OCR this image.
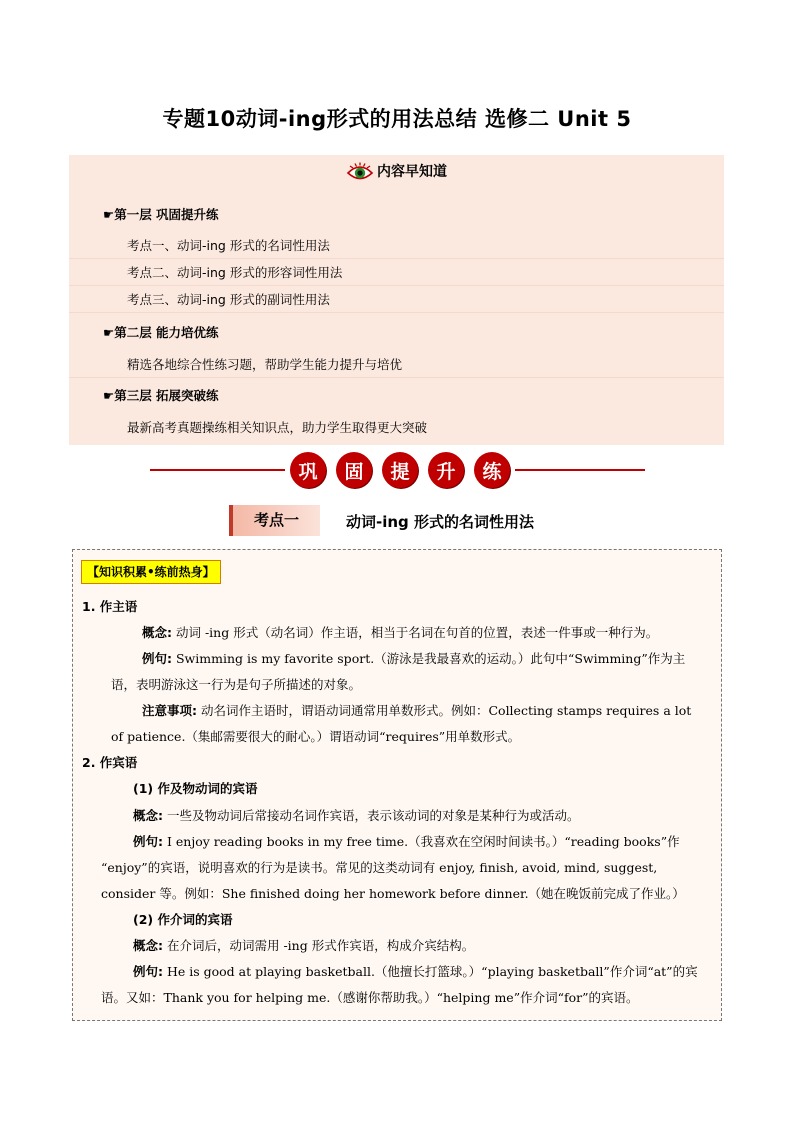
专题10动词-ing形式的用法总结 选修二 Unit 5
内容早知道
☛第一层 巩固提升练
考点一、动词-ing 形式的名词性用法
考点二、动词-ing 形式的形容词性用法
考点三、动词-ing 形式的副词性用法
☛第二层 能力培优练
精选各地综合性练习题，帮助学生能力提升与培优
☛第三层 拓展突破练
最新高考真题操练相关知识点，助力学生取得更大突破
巩	固	提	升	练
考点一	动词-ing 形式的名词性用法
【知识积累•练前热身】
1. 作主语
概念: 动词 -ing 形式（动名词）作主语，相当于名词在句首的位置，表述一件事或一种行为。
例句: Swimming is my favorite sport.（游泳是我最喜欢的运动。）此句中“Swimming”作为主
语，表明游泳这一行为是句子所描述的对象。
注意事项: 动名词作主语时，谓语动词通常用单数形式。例如：Collecting stamps requires a lot
of patience.（集邮需要很大的耐心。）谓语动词“requires”用单数形式。
2. 作宾语
(1) 作及物动词的宾语
概念: 一些及物动词后常接动名词作宾语，表示该动词的对象是某种行为或活动。
例句: I enjoy reading books in my free time.（我喜欢在空闲时间读书。）“reading books”作
“enjoy”的宾语，说明喜欢的行为是读书。常见的这类动词有 enjoy, finish, avoid, mind, suggest,
consider 等。例如：She finished doing her homework before dinner.（她在晚饭前完成了作业。）
(2) 作介词的宾语
概念: 在介词后，动词需用 -ing 形式作宾语，构成介宾结构。
例句: He is good at playing basketball.（他擅长打篮球。）“playing basketball”作介词“at”的宾
语。又如：Thank you for helping me.（感谢你帮助我。）“helping me”作介词“for”的宾语。
